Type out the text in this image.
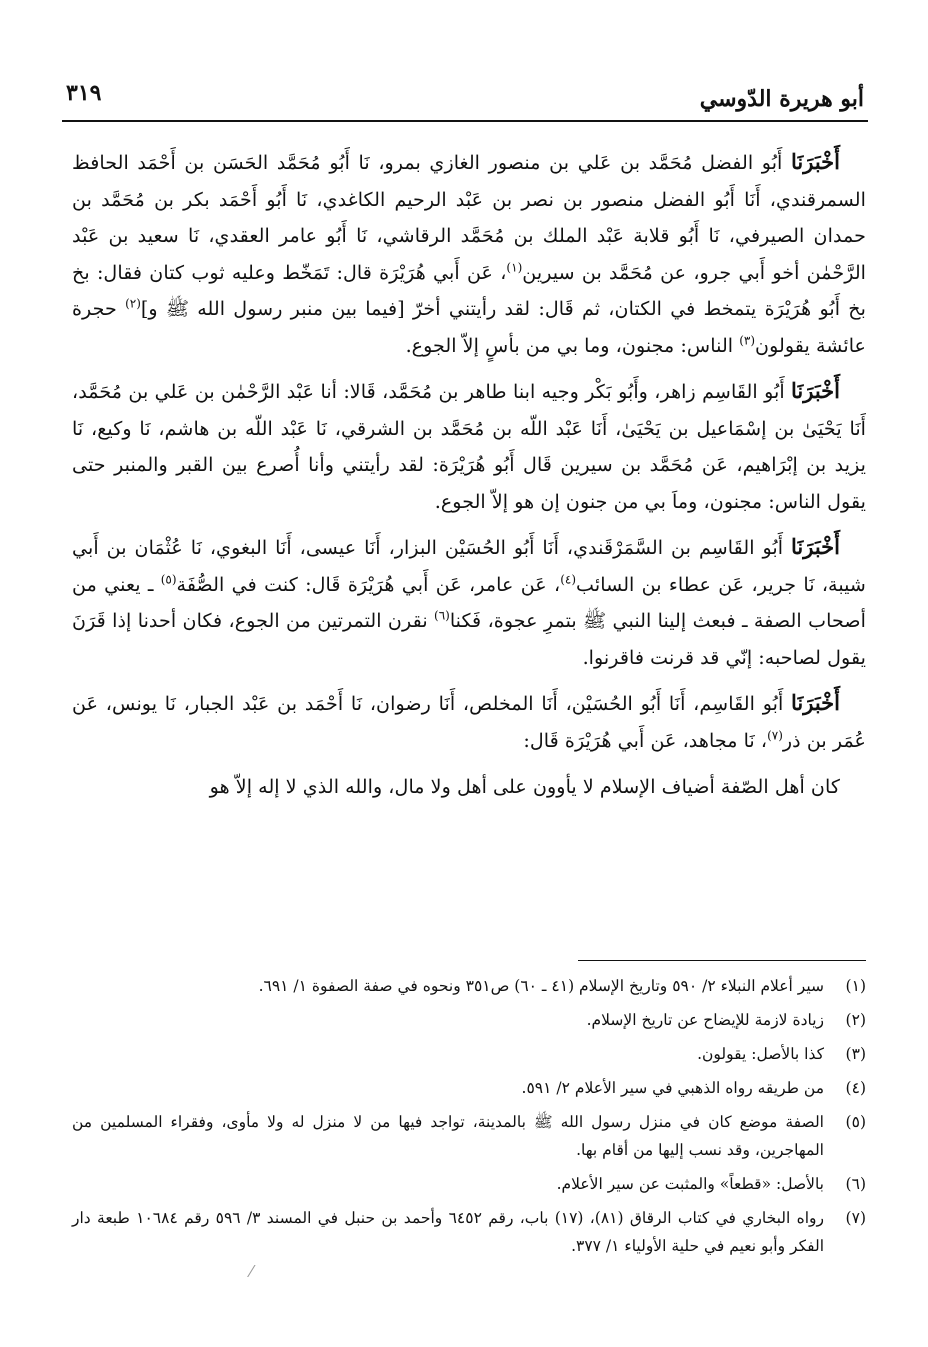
أبو هريرة الدّوسي
٣١٩

أَخْبَرَنَا أَبُو الفضل مُحَمَّد بن عَلي بن منصور الغازي بمرو، نَا أَبُو مُحَمَّد الحَسَن بن أَحْمَد الحافظ السمرقندي، أَنَا أَبُو الفضل منصور بن نصر بن عَبْد الرحيم الكاغدي، نَا أَبُو أَحْمَد بكر بن مُحَمَّد بن حمدان الصيرفي، نَا أَبُو قلابة عَبْد الملك بن مُحَمَّد الرقاشي، نَا أَبُو عامر العقدي، نَا سعيد بن عَبْد الرَّحْمٰن أخو أَبي جرو، عن مُحَمَّد بن سيرين$^{(١)}$، عَن أَبي هُرَيْرَة قال: تَمَخّط وعليه ثوب كتان فقال: بخ بخ أَبُو هُرَيْرَة يتمخط في الكتان، ثم قَال: لقد رأيتني أخرّ [فيما بين منبر رسول الله ﷺ و]$^{(٢)}$ حجرة عائشة يقولون$^{(٣)}$ الناس: مجنون، وما بي من بأسٍ إلاّ الجوع.

أَخْبَرَنَا أَبُو القَاسِم زاهر، وأَبُو بَكْر وجيه ابنا طاهر بن مُحَمَّد، قَالا: أنا عَبْد الرَّحْمٰن بن عَلي بن مُحَمَّد، أَنَا يَحْيَىٰ بن إسْمَاعيل بن يَحْيَىٰ، أَنَا عَبْد اللّه بن مُحَمَّد بن الشرقي، نَا عَبْد اللّه بن هاشم، نَا وكيع، نَا يزيد بن إبْرَاهيم، عَن مُحَمَّد بن سيرين قَال أَبُو هُرَيْرَة: لقد رأيتني وأنا أُصرع بين القبر والمنبر حتى يقول الناس: مجنون، وماَ بي من جنون إن هو إلاّ الجوع.

أَخْبَرَنَا أَبُو القَاسِم بن السَّمَرْقَندي، أَنَا أَبُو الحُسَيْن البزار، أَنَا عيسى، أَنَا البغوي، نَا عُثْمَان بن أَبي شيبة، نَا جرير، عَن عطاء بن السائب$^{(٤)}$، عَن عامر، عَن أَبي هُرَيْرَة قَال: كنت في الصُّفَة$^{(٥)}$ ـ يعني من أصحاب الصفة ـ فبعث إلينا النبي ﷺ بتمرِ عجوة، فَكنا$^{(٦)}$ نقرن التمرتين من الجوع، فكان أحدنا إذا قَرَنَ يقول لصاحبه: إنّي قد قرنت فاقرنوا.

أَخْبَرَنَا أَبُو القَاسِم، أَنَا أَبُو الحُسَيْن، أَنَا المخلص، أَنَا رضوان، نَا أَحْمَد بن عَبْد الجبار، نَا يونس، عَن عُمَر بن ذر$^{(٧)}$، نَا مجاهد، عَن أَبي هُرَيْرَة قَال:

كان أهل الصّفة أضياف الإسلام لا يأوون على أهل ولا مال، والله الذي لا إله إلاّ هو

(١)
سير أعلام النبلاء ٢/ ٥٩٠ وتاريخ الإسلام (٤١ ـ ٦٠) ص٣٥١ ونحوه في صفة الصفوة ١/ ٦٩١.
(٢)
زيادة لازمة للإيضاح عن تاريخ الإسلام.
(٣)
كذا بالأصل: يقولون.
(٤)
من طريقه رواه الذهبي في سير الأعلام ٢/ ٥٩١.
(٥)
الصفة موضع كان في منزل رسول الله ﷺ بالمدينة، تواجد فيها من لا منزل له ولا مأوى، وفقراء المسلمين من المهاجرين، وقد نسب إليها من أقام بها.
(٦)
بالأصل: «قطعاً» والمثبت عن سير الأعلام.
(٧)
رواه البخاري في كتاب الرقاق (٨١)، (١٧) باب، رقم ٦٤٥٢ وأحمد بن حنبل في المسند ٣/ ٥٩٦ رقم ١٠٦٨٤ طبعة دار الفكر وأبو نعيم في حلية الأولياء ١/ ٣٧٧.
⁄
